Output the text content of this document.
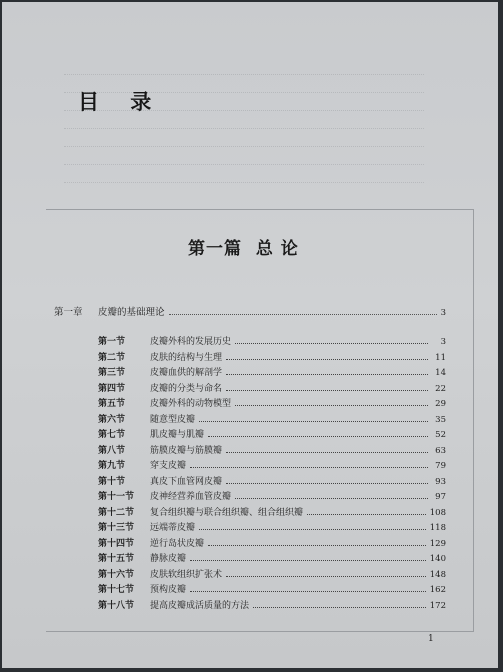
目 录
第一篇  总 论
第一章	皮瓣的基础理论	3
第一节	皮瓣外科的发展历史	3
第二节	皮肤的结构与生理	11
第三节	皮瓣血供的解剖学	14
第四节	皮瓣的分类与命名	22
第五节	皮瓣外科的动物模型	29
第六节	随意型皮瓣	35
第七节	肌皮瓣与肌瓣	52
第八节	筋膜皮瓣与筋膜瓣	63
第九节	穿支皮瓣	79
第十节	真皮下血管网皮瓣	93
第十一节	皮神经营养血管皮瓣	97
第十二节	复合组织瓣与联合组织瓣、组合组织瓣	108
第十三节	远端蒂皮瓣	118
第十四节	逆行岛状皮瓣	129
第十五节	静脉皮瓣	140
第十六节	皮肤软组织扩张术	148
第十七节	预构皮瓣	162
第十八节	提高皮瓣成活质量的方法	172
1
